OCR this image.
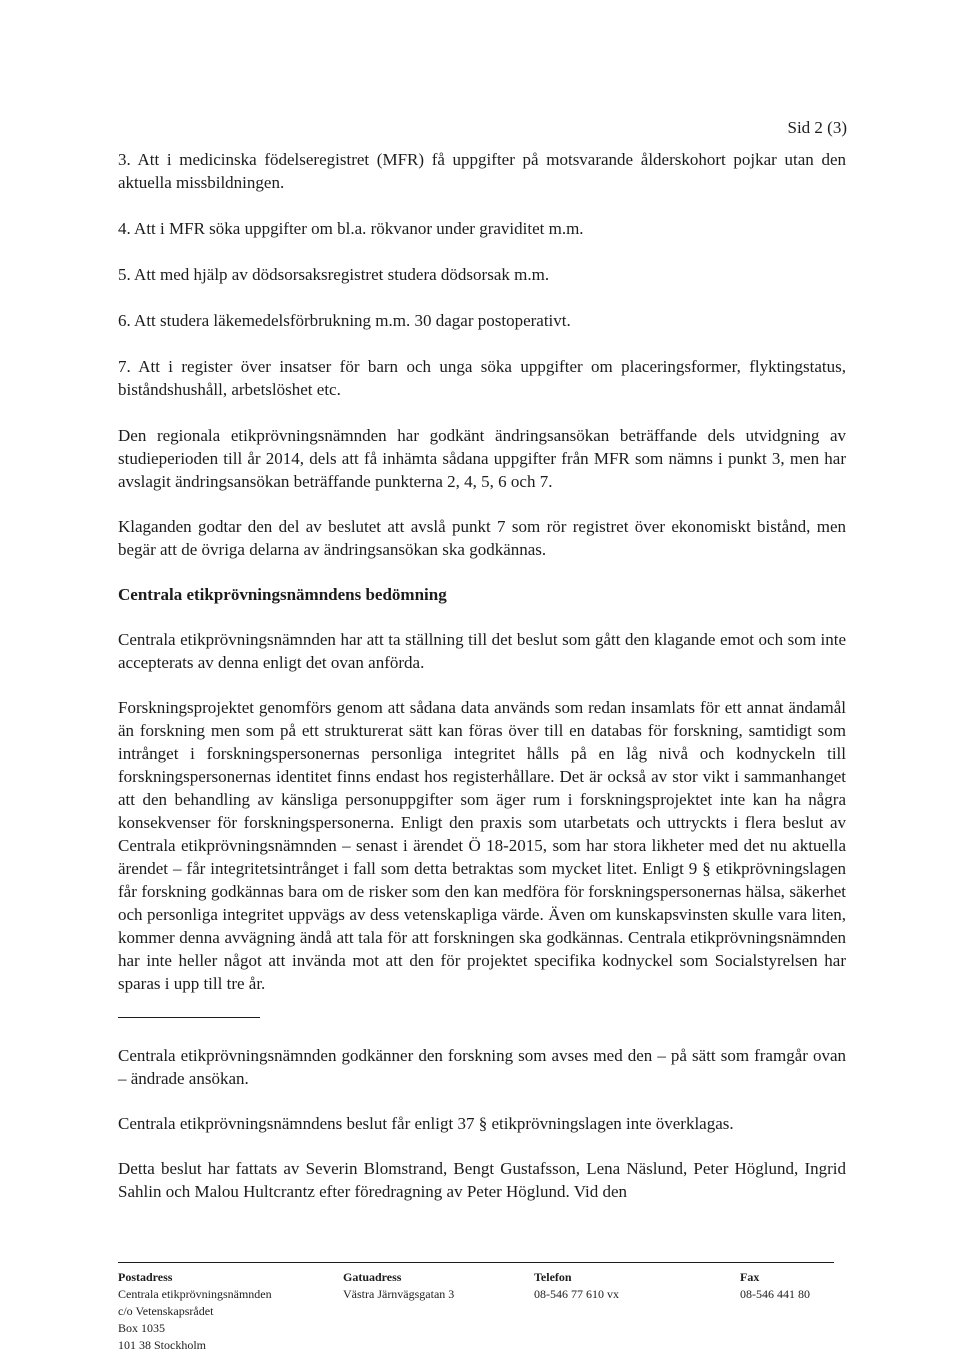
Sid 2 (3)

3. Att i medicinska födelseregistret (MFR) få uppgifter på motsvarande ålderskohort pojkar utan den aktuella missbildningen.

4. Att i MFR söka uppgifter om bl.a. rökvanor under graviditet m.m.

5. Att med hjälp av dödsorsaksregistret studera dödsorsak m.m.

6. Att studera läkemedelsförbrukning m.m. 30 dagar postoperativt.

7. Att i register över insatser för barn och unga söka uppgifter om placeringsformer, flyktingstatus, biståndshushåll, arbetslöshet etc.

Den regionala etikprövningsnämnden har godkänt ändringsansökan beträffande dels utvidgning av studieperioden till år 2014, dels att få inhämta sådana uppgifter från MFR som nämns i punkt 3, men har avslagit ändringsansökan beträffande punkterna 2, 4, 5, 6 och 7.

Klaganden godtar den del av beslutet att avslå punkt 7 som rör registret över ekonomiskt bistånd, men begär att de övriga delarna av ändringsansökan ska godkännas.

Centrala etikprövningsnämndens bedömning

Centrala etikprövningsnämnden har att ta ställning till det beslut som gått den klagande emot och som inte accepterats av denna enligt det ovan anförda.

Forskningsprojektet genomförs genom att sådana data används som redan insamlats för ett annat ändamål än forskning men som på ett strukturerat sätt kan föras över till en databas för forskning, samtidigt som intrånget i forskningspersonernas personliga integritet hålls på en låg nivå och kodnyckeln till forskningspersonernas identitet finns endast hos registerhållare. Det är också av stor vikt i sammanhanget att den behandling av känsliga personuppgifter som äger rum i forskningsprojektet inte kan ha några konsekvenser för forskningspersonerna. Enligt den praxis som utarbetats och uttryckts i flera beslut av Centrala etikprövningsnämnden – senast i ärendet Ö 18-2015, som har stora likheter med det nu aktuella ärendet – får integritetsintrånget i fall som detta betraktas som mycket litet. Enligt 9 § etikprövningslagen får forskning godkännas bara om de risker som den kan medföra för forskningspersonernas hälsa, säkerhet och personliga integritet uppvägs av dess vetenskapliga värde. Även om kunskapsvinsten skulle vara liten, kommer denna avvägning ändå att tala för att forskningen ska godkännas. Centrala etikprövningsnämnden har inte heller något att invända mot att den för projektet specifika kodnyckel som Socialstyrelsen har sparas i upp till tre år.

Centrala etikprövningsnämnden godkänner den forskning som avses med den – på sätt som framgår ovan – ändrade ansökan.

Centrala etikprövningsnämndens beslut får enligt 37 § etikprövningslagen inte överklagas.

Detta beslut har fattats av Severin Blomstrand, Bengt Gustafsson, Lena Näslund, Peter Höglund, Ingrid Sahlin och Malou Hultcrantz efter föredragning av Peter Höglund. Vid den

Postadress
Centrala etikprövningsnämnden
c/o Vetenskapsrådet
Box 1035
101 38 Stockholm
Gatuadress
Västra Järnvägsgatan 3
Telefon
08-546 77 610 vx
Fax
08-546 441 80
